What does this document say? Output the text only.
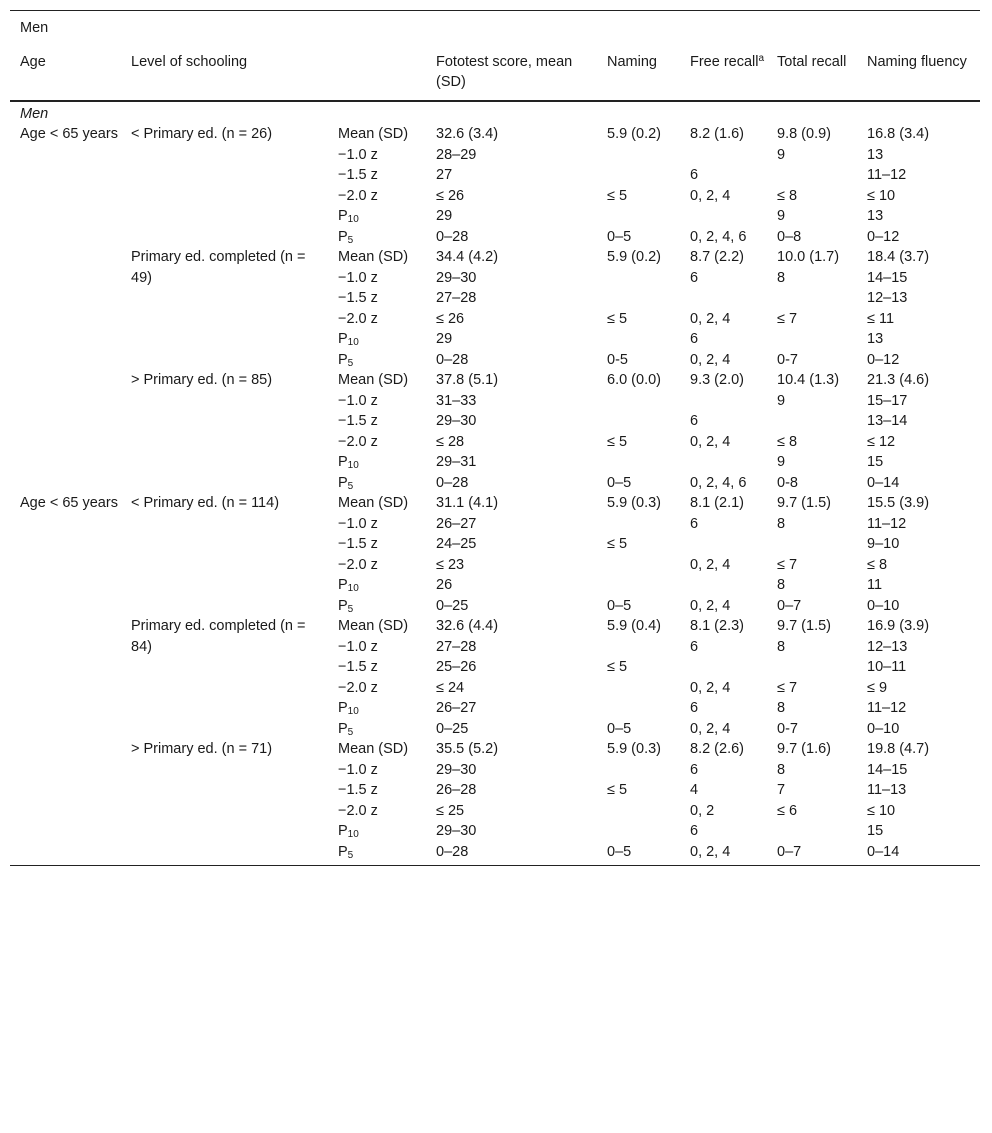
Men							
Age	Level of schooling		Fototest score, mean (SD)	Naming	Free recall$^a$	Total recall	Naming fluency
Men							
Age < 65 years	< Primary ed. (n = 26)	Mean (SD)	32.6 (3.4)	5.9 (0.2)	8.2 (1.6)	9.8 (0.9)	16.8 (3.4)
		−1.0 z	28–29			9	13
		−1.5 z	27		6		11–12
		−2.0 z	≤ 26	≤ 5	0, 2, 4	≤ 8	≤ 10
		$P_{10}$	29			9	13
		$P_5$	0–28	0–5	0, 2, 4, 6	0–8	0–12
	Primary ed. completed (n = 49)	Mean (SD)	34.4 (4.2)	5.9 (0.2)	8.7 (2.2)	10.0 (1.7)	18.4 (3.7)
		−1.0 z	29–30		6	8	14–15
		−1.5 z	27–28				12–13
		−2.0 z	≤ 26	≤ 5	0, 2, 4	≤ 7	≤ 11
		$P_{10}$	29		6		13
		$P_5$	0–28	0-5	0, 2, 4	0-7	0–12
	> Primary ed. (n = 85)	Mean (SD)	37.8 (5.1)	6.0 (0.0)	9.3 (2.0)	10.4 (1.3)	21.3 (4.6)
		−1.0 z	31–33			9	15–17
		−1.5 z	29–30		6		13–14
		−2.0 z	≤ 28	≤ 5	0, 2, 4	≤ 8	≤ 12
		$P_{10}$	29–31			9	15
		$P_5$	0–28	0–5	0, 2, 4, 6	0-8	0–14
Age < 65 years	< Primary ed. (n = 114)	Mean (SD)	31.1 (4.1)	5.9 (0.3)	8.1 (2.1)	9.7 (1.5)	15.5 (3.9)
		−1.0 z	26–27		6	8	11–12
		−1.5 z	24–25	≤ 5			9–10
		−2.0 z	≤ 23		0, 2, 4	≤ 7	≤ 8
		$P_{10}$	26			8	11
		$P_5$	0–25	0–5	0, 2, 4	0–7	0–10
	Primary ed. completed (n = 84)	Mean (SD)	32.6 (4.4)	5.9 (0.4)	8.1 (2.3)	9.7 (1.5)	16.9 (3.9)
		−1.0 z	27–28		6	8	12–13
		−1.5 z	25–26	≤ 5			10–11
		−2.0 z	≤ 24		0, 2, 4	≤ 7	≤ 9
		$P_{10}$	26–27		6	8	11–12
		$P_5$	0–25	0–5	0, 2, 4	0-7	0–10
	> Primary ed. (n = 71)	Mean (SD)	35.5 (5.2)	5.9 (0.3)	8.2 (2.6)	9.7 (1.6)	19.8 (4.7)
		−1.0 z	29–30		6	8	14–15
		−1.5 z	26–28	≤ 5	4	7	11–13
		−2.0 z	≤ 25		0, 2	≤ 6	≤ 10
		$P_{10}$	29–30		6		15
		$P_5$	0–28	0–5	0, 2, 4	0–7	0–14
